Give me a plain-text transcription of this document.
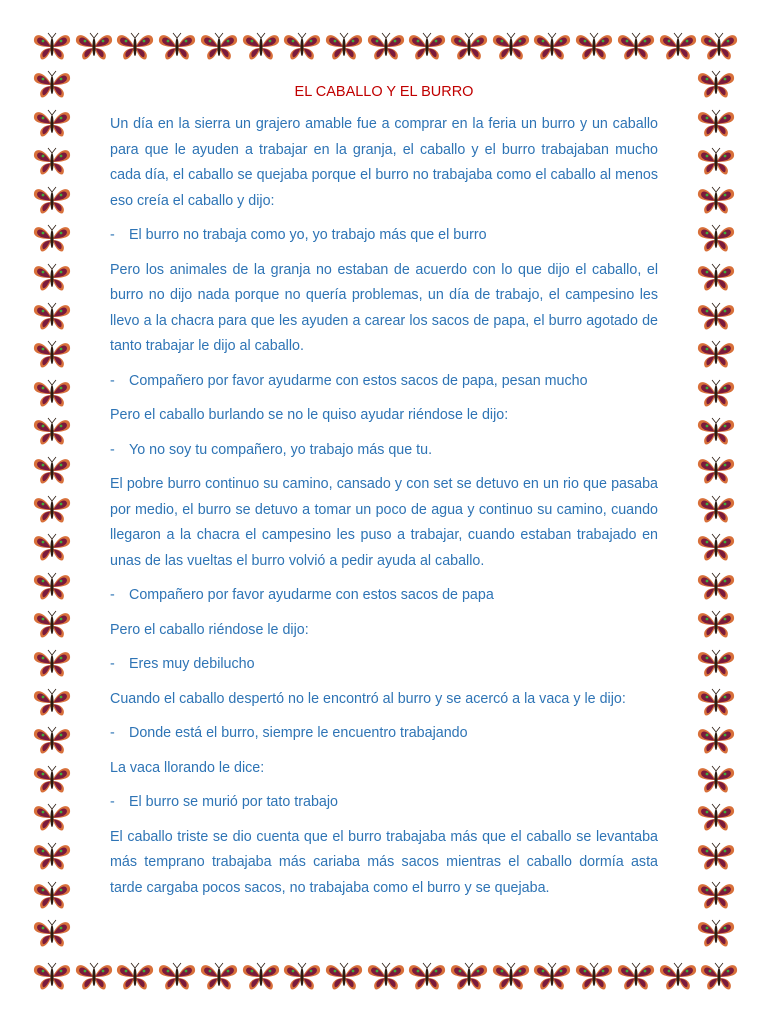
EL CABALLO Y EL BURRO

Un día en la sierra un grajero amable fue a comprar en la feria un burro y un caballo para que le ayuden a trabajar en la granja, el caballo y el burro trabajaban mucho cada día, el caballo se quejaba porque el burro no trabajaba como el caballo al menos eso creía el caballo y dijo:

- El burro no trabaja como yo, yo trabajo más que el burro

Pero los animales de la granja no estaban de acuerdo con lo que dijo el caballo, el burro no dijo nada porque no quería problemas, un día de trabajo, el campesino les llevo a la chacra para que les ayuden a carear los sacos de papa, el burro agotado de tanto trabajar le dijo al caballo.

- Compañero por favor ayudarme con estos sacos de papa, pesan mucho

Pero el caballo burlando se no le quiso ayudar riéndose le dijo:

- Yo no soy tu compañero, yo trabajo más que tu.

El pobre burro continuo su camino, cansado y con set se detuvo en un rio que pasaba por medio, el burro se detuvo a tomar un poco de agua y continuo su camino, cuando llegaron a la chacra el campesino les puso a trabajar, cuando estaban trabajado en unas de las vueltas el burro volvió a pedir ayuda al caballo.

- Compañero por favor ayudarme con estos sacos de papa

Pero el caballo riéndose le dijo:

- Eres muy debilucho

Cuando el caballo despertó no le encontró al burro y se acercó a la vaca y le dijo:

- Donde está el burro, siempre le encuentro trabajando

La vaca llorando le dice:

- El burro se murió por tato trabajo

El caballo triste se dio cuenta que el burro trabajaba más que el caballo se levantaba más temprano trabajaba más cariaba más sacos mientras el caballo dormía asta tarde cargaba pocos sacos, no trabajaba como el burro y se quejaba.
